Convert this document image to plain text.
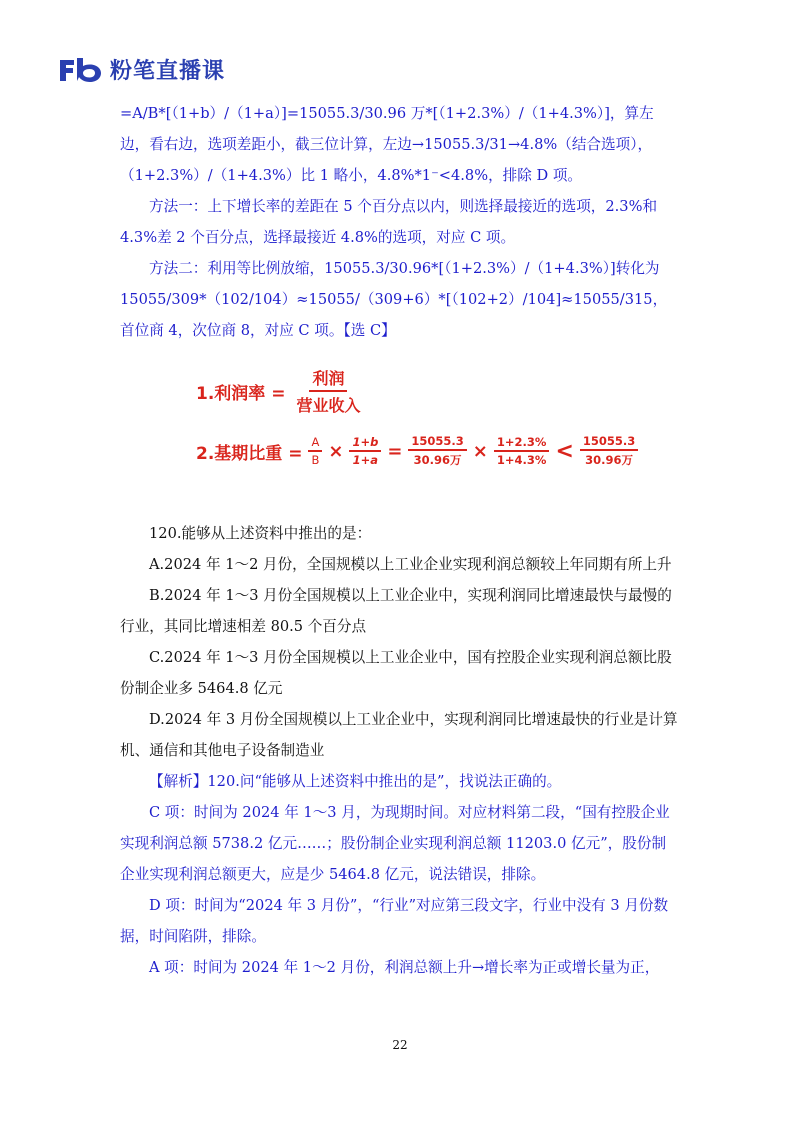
粉笔直播课

=A/B*[（1+b）/（1+a）]=15055.3/30.96 万*[（1+2.3%）/（1+4.3%）]，算左边，看右边，选项差距小，截三位计算，左边→15055.3/31→4.8%（结合选项），（1+2.3%）/（1+4.3%）比 1 略小，4.8%*1⁻<4.8%，排除 D 项。

方法一：上下增长率的差距在 5 个百分点以内，则选择最接近的选项，2.3%和 4.3%差 2 个百分点，选择最接近 4.8%的选项，对应 C 项。

方法二：利用等比例放缩，15055.3/30.96*[（1+2.3%）/（1+4.3%）]转化为 15055/309*（102/104）≈15055/（309+6）*[（102+2）/104]≈15055/315，首位商 4，次位商 8，对应 C 项。【选 C】

1.利润率 = $\frac{\text{利润}}{\text{营业收入}}$
2.基期比重 = $\frac{A}{B} \times \frac{1+b}{1+a} = \frac{15055.3}{\text{30.96万}} \times \frac{1+2.3\%}{1+4.3\%} < \frac{15055.3}{\text{30.96万}}$

120.能够从上述资料中推出的是：

A.2024 年 1～2 月份，全国规模以上工业企业实现利润总额较上年同期有所上升

B.2024 年 1～3 月份全国规模以上工业企业中，实现利润同比增速最快与最慢的行业，其同比增速相差 80.5 个百分点

C.2024 年 1～3 月份全国规模以上工业企业中，国有控股企业实现利润总额比股份制企业多 5464.8 亿元

D.2024 年 3 月份全国规模以上工业企业中，实现利润同比增速最快的行业是计算机、通信和其他电子设备制造业

【解析】120.问“能够从上述资料中推出的是”，找说法正确的。

C 项：时间为 2024 年 1～3 月，为现期时间。对应材料第二段，“国有控股企业实现利润总额 5738.2 亿元……；股份制企业实现利润总额 11203.0 亿元”，股份制企业实现利润总额更大，应是少 5464.8 亿元，说法错误，排除。

D 项：时间为“2024 年 3 月份”，“行业”对应第三段文字，行业中没有 3 月份数据，时间陷阱，排除。

A 项：时间为 2024 年 1～2 月份，利润总额上升→增长率为正或增长量为正，

22
